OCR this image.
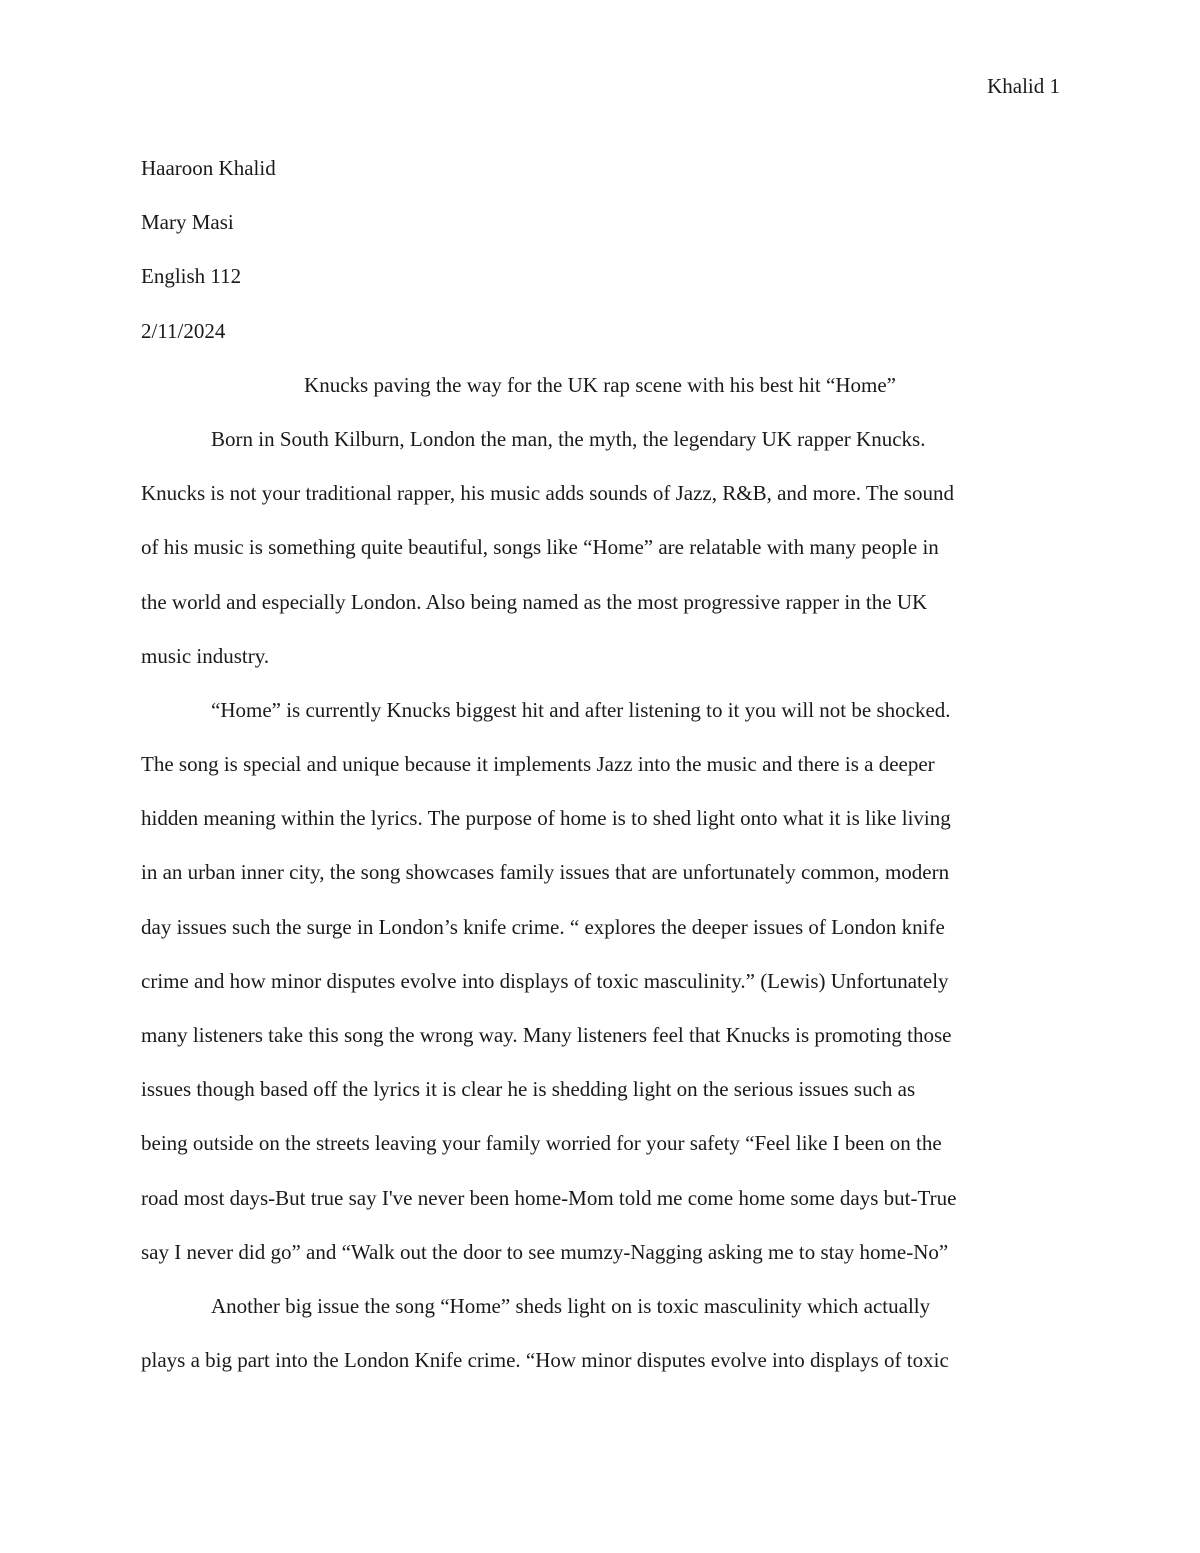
Khalid 1
Haaroon Khalid
Mary Masi
English 112
2/11/2024
Knucks paving the way for the UK rap scene with his best hit “Home”
Born in South Kilburn, London the man, the myth, the legendary UK rapper Knucks.
Knucks is not your traditional rapper, his music adds sounds of Jazz, R&B, and more. The sound
of his music is something quite beautiful, songs like “Home” are relatable with many people in
the world and especially London. Also being named as the most progressive rapper in the UK
music industry.
“Home” is currently Knucks biggest hit and after listening to it you will not be shocked.
The song is special and unique because it implements Jazz into the music and there is a deeper
hidden meaning within the lyrics. The purpose of home is to shed light onto what it is like living
in an urban inner city, the song showcases family issues that are unfortunately common, modern
day issues such the surge in London’s knife crime. “ explores the deeper issues of London knife
crime and how minor disputes evolve into displays of toxic masculinity.” (Lewis) Unfortunately
many listeners take this song the wrong way. Many listeners feel that Knucks is promoting those
issues though based off the lyrics it is clear he is shedding light on the serious issues such as
being outside on the streets leaving your family worried for your safety “Feel like I been on the
road most days-But true say I've never been home-Mom told me come home some days but-True
say I never did go” and “Walk out the door to see mumzy-Nagging asking me to stay home-No”
Another big issue the song “Home” sheds light on is toxic masculinity which actually
plays a big part into the London Knife crime. “How minor disputes evolve into displays of toxic
